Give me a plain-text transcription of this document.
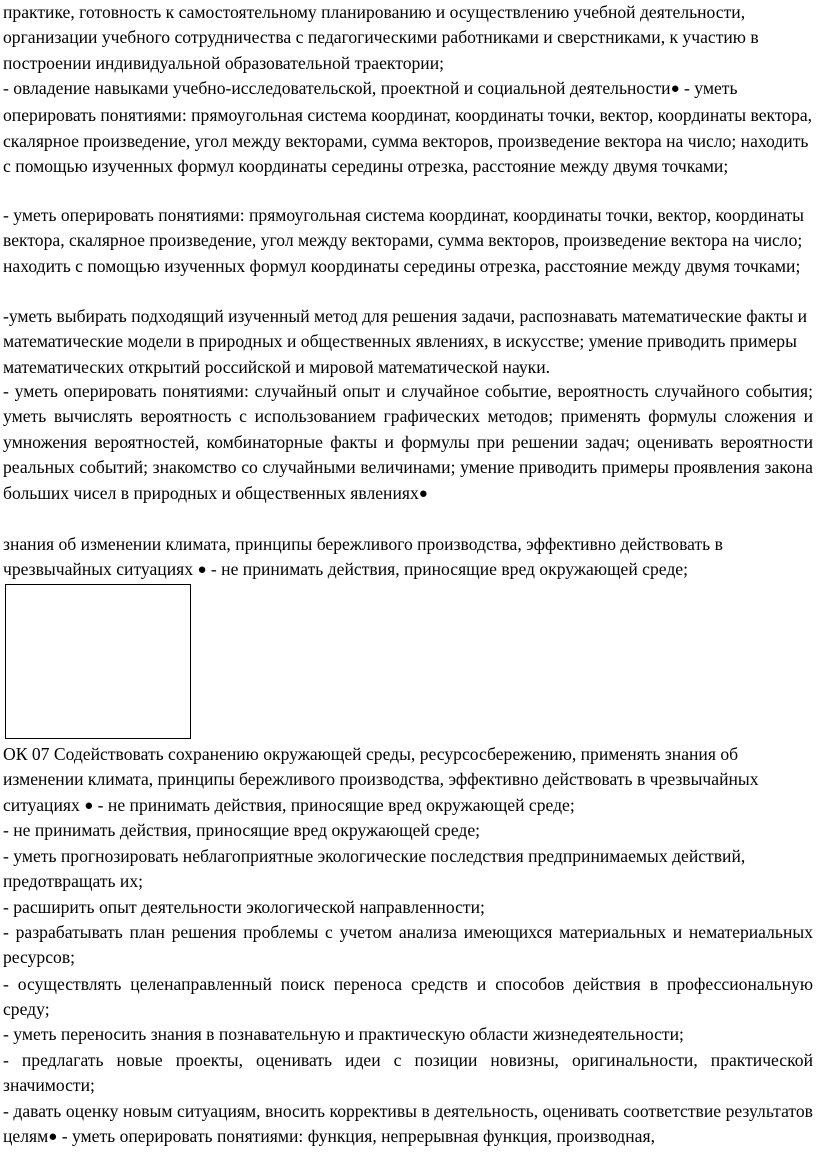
практике, готовность к самостоятельному планированию и осуществлению учебной деятельности, организации учебного сотрудничества с педагогическими работниками и сверстниками, к участию в построении индивидуальной образовательной траектории;

- овладение навыками учебно-исследовательской, проектной и социальной деятельности● - уметь оперировать понятиями: прямоугольная система координат, координаты точки, вектор, координаты вектора, скалярное произведение, угол между векторами, сумма векторов, произведение вектора на число; находить с помощью изученных формул координаты середины отрезка, расстояние между двумя точками;

- уметь оперировать понятиями: прямоугольная система координат, координаты точки, вектор, координаты вектора, скалярное произведение, угол между векторами, сумма векторов, произведение вектора на число; находить с помощью изученных формул координаты середины отрезка, расстояние между двумя точками;

-уметь выбирать подходящий изученный метод для решения задачи, распознавать математические факты и математические модели в природных и общественных явлениях, в искусстве; умение приводить примеры математических открытий российской и мировой математической науки.

- уметь оперировать понятиями: случайный опыт и случайное событие, вероятность случайного события; уметь вычислять вероятность с использованием графических методов; применять формулы сложения и умножения вероятностей, комбинаторные факты и формулы при решении задач; оценивать вероятности реальных событий; знакомство со случайными величинами; умение приводить примеры проявления закона больших чисел в природных и общественных явлениях●

знания об изменении климата, принципы бережливого производства, эффективно действовать в чрезвычайных ситуациях ● - не принимать действия, приносящие вред окружающей среде;

ОК 07 Содействовать сохранению окружающей среды, ресурсосбережению, применять знания об изменении климата, принципы бережливого производства, эффективно действовать в чрезвычайных ситуациях ● - не принимать действия, приносящие вред окружающей среде;

- не принимать действия, приносящие вред окружающей среде;

- уметь прогнозировать неблагоприятные экологические последствия предпринимаемых действий, предотвращать их;

- расширить опыт деятельности экологической направленности;

- разрабатывать план решения проблемы с учетом анализа имеющихся материальных и нематериальных ресурсов;

- осуществлять целенаправленный поиск переноса средств и способов действия в профессиональную среду;

- уметь переносить знания в познавательную и практическую области жизнедеятельности;

- предлагать новые проекты, оценивать идеи с позиции новизны, оригинальности, практической значимости;

- давать оценку новым ситуациям, вносить коррективы в деятельность, оценивать соответствие результатов целям● - уметь оперировать понятиями: функция, непрерывная функция, производная,
